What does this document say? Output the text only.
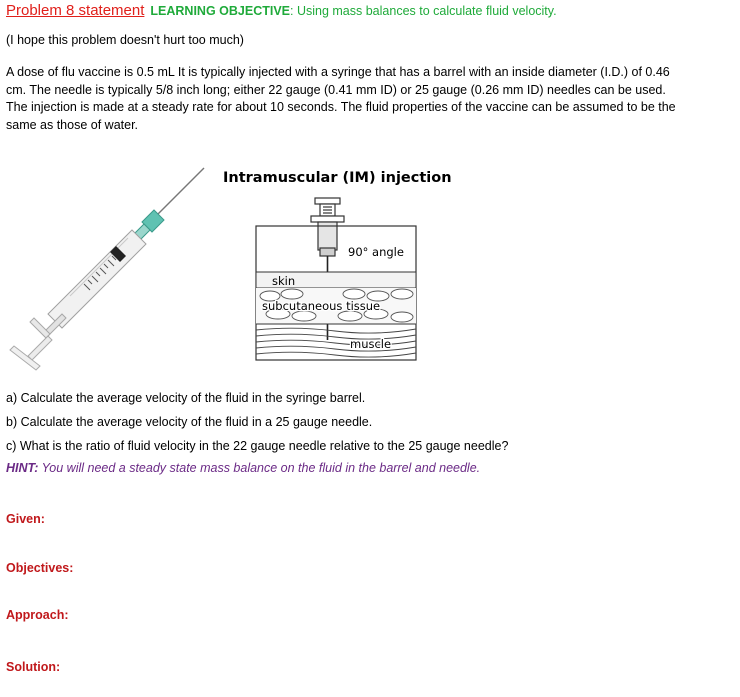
Problem 8 statement LEARNING OBJECTIVE: Using mass balances to calculate fluid velocity.
(I hope this problem doesn't hurt too much)
A dose of flu vaccine is 0.5 mL It is typically injected with a syringe that has a barrel with an inside diameter (I.D.) of 0.46
cm. The needle is typically 5/8 inch long; either 22 gauge (0.41 mm ID) or 25 gauge (0.26 mm ID) needles can be used.
The injection is made at a steady rate for about 10 seconds. The fluid properties of the vaccine can be assumed to be the
same as those of water.
Intramuscular (IM) injection
90° angle
skin
subcutaneous tissue
muscle
a) Calculate the average velocity of the fluid in the syringe barrel.
b) Calculate the average velocity of the fluid in a 25 gauge needle.
c) What is the ratio of fluid velocity in the 22 gauge needle relative to the 25 gauge needle?
HINT: You will need a steady state mass balance on the fluid in the barrel and needle.
Given:
Objectives:
Approach:
Solution:
